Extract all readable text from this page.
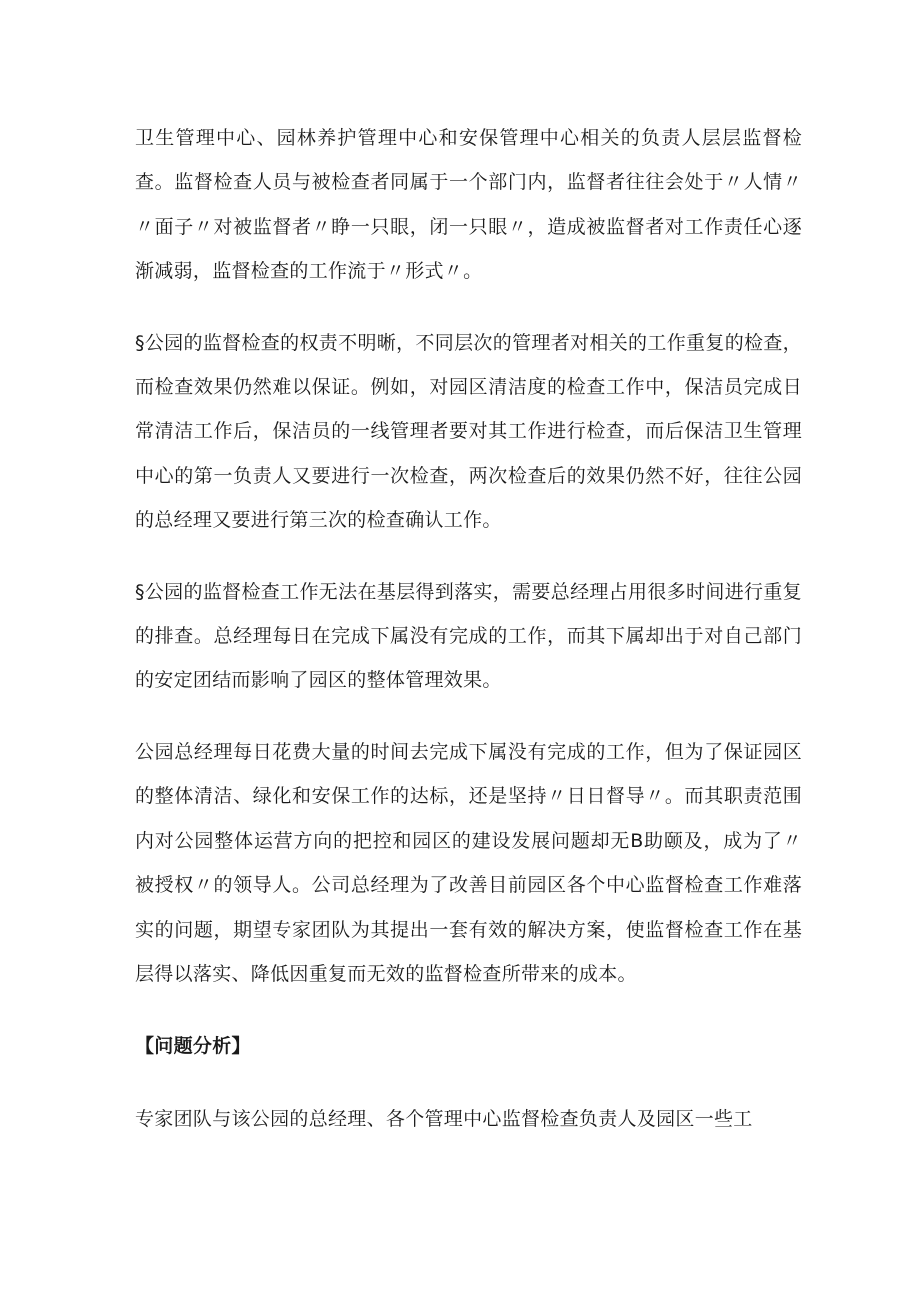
卫生管理中心、园林养护管理中心和安保管理中心相关的负责人层层监督检查。监督检查人员与被检查者同属于一个部门内，监督者往往会处于〃人情〃〃面子〃对被监督者〃睁一只眼，闭一只眼〃，造成被监督者对工作责任心逐渐减弱，监督检查的工作流于〃形式〃。

§公园的监督检查的权责不明晰，不同层次的管理者对相关的工作重复的检查，而检查效果仍然难以保证。例如，对园区清洁度的检查工作中，保洁员完成日常清洁工作后，保洁员的一线管理者要对其工作进行检查，而后保洁卫生管理中心的第一负责人又要进行一次检查，两次检查后的效果仍然不好，往往公园的总经理又要进行第三次的检查确认工作。

§公园的监督检查工作无法在基层得到落实，需要总经理占用很多时间进行重复的排查。总经理每日在完成下属没有完成的工作，而其下属却出于对自己部门的安定团结而影响了园区的整体管理效果。

公园总经理每日花费大量的时间去完成下属没有完成的工作，但为了保证园区的整体清洁、绿化和安保工作的达标，还是坚持〃日日督导〃。而其职责范围内对公园整体运营方向的把控和园区的建设发展问题却无B助颐及，成为了〃被授权〃的领导人。公司总经理为了改善目前园区各个中心监督检查工作难落实的问题，期望专家团队为其提出一套有效的解决方案，使监督检查工作在基层得以落实、降低因重复而无效的监督检查所带来的成本。

【问题分析】

专家团队与该公园的总经理、各个管理中心监督检查负责人及园区一些工
